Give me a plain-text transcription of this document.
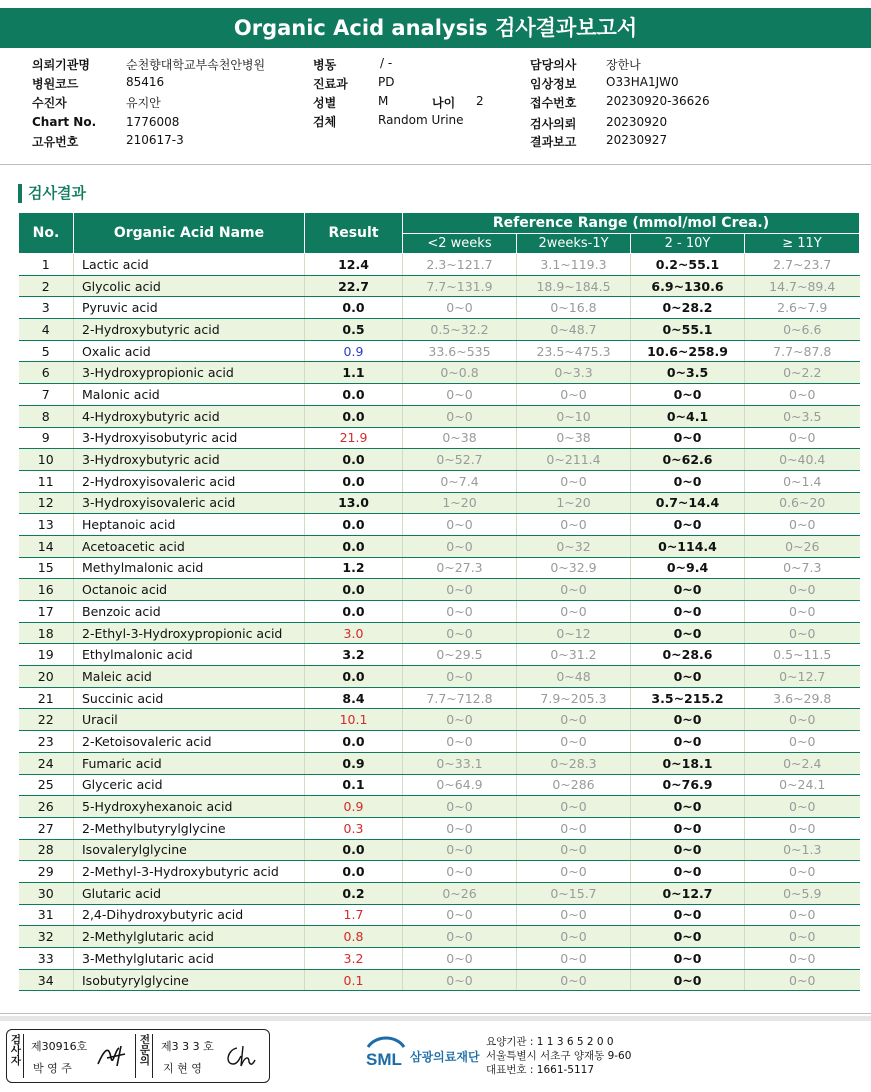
Organic Acid analysis 검사결과보고서
의뢰기관명	순천향대학교부속천안병원
병원코드	85416
수진자	유지안
Chart No. 1776008
고유번호	210617-3
병동	/ -
진료과	PD
성별	M	나이 2
검체	Random Urine
담당의사 장한나
임상정보 O33HA1JW0
접수번호 20230920-36626
검사의뢰 20230920
결과보고 20230927
검사결과
No.	Organic Acid Name	Result	Reference Range (mmol/mol Crea.)			
			<2 weeks	2weeks-1Y	2 - 10Y	≥ 11Y
1	Lactic acid	12.4	2.3~121.7	3.1~119.3	0.2~55.1	2.7~23.7
2	Glycolic acid	22.7	7.7~131.9	18.9~184.5	6.9~130.6	14.7~89.4
3	Pyruvic acid	0.0	0~0	0~16.8	0~28.2	2.6~7.9
4	2-Hydroxybutyric acid	0.5	0.5~32.2	0~48.7	0~55.1	0~6.6
5	Oxalic acid	0.9	33.6~535	23.5~475.3	10.6~258.9	7.7~87.8
6	3-Hydroxypropionic acid	1.1	0~0.8	0~3.3	0~3.5	0~2.2
7	Malonic acid	0.0	0~0	0~0	0~0	0~0
8	4-Hydroxybutyric acid	0.0	0~0	0~10	0~4.1	0~3.5
9	3-Hydroxyisobutyric acid	21.9	0~38	0~38	0~0	0~0
10	3-Hydroxybutyric acid	0.0	0~52.7	0~211.4	0~62.6	0~40.4
11	2-Hydroxyisovaleric acid	0.0	0~7.4	0~0	0~0	0~1.4
12	3-Hydroxyisovaleric acid	13.0	1~20	1~20	0.7~14.4	0.6~20
13	Heptanoic acid	0.0	0~0	0~0	0~0	0~0
14	Acetoacetic acid	0.0	0~0	0~32	0~114.4	0~26
15	Methylmalonic acid	1.2	0~27.3	0~32.9	0~9.4	0~7.3
16	Octanoic acid	0.0	0~0	0~0	0~0	0~0
17	Benzoic acid	0.0	0~0	0~0	0~0	0~0
18	2-Ethyl-3-Hydroxypropionic acid	3.0	0~0	0~12	0~0	0~0
19	Ethylmalonic acid	3.2	0~29.5	0~31.2	0~28.6	0.5~11.5
20	Maleic acid	0.0	0~0	0~48	0~0	0~12.7
21	Succinic acid	8.4	7.7~712.8	7.9~205.3	3.5~215.2	3.6~29.8
22	Uracil	10.1	0~0	0~0	0~0	0~0
23	2-Ketoisovaleric acid	0.0	0~0	0~0	0~0	0~0
24	Fumaric acid	0.9	0~33.1	0~28.3	0~18.1	0~2.4
25	Glyceric acid	0.1	0~64.9	0~286	0~76.9	0~24.1
26	5-Hydroxyhexanoic acid	0.9	0~0	0~0	0~0	0~0
27	2-Methylbutyrylglycine	0.3	0~0	0~0	0~0	0~0
28	Isovalerylglycine	0.0	0~0	0~0	0~0	0~1.3
29	2-Methyl-3-Hydroxybutyric acid	0.0	0~0	0~0	0~0	0~0
30	Glutaric acid	0.2	0~26	0~15.7	0~12.7	0~5.9
31	2,4-Dihydroxybutyric acid	1.7	0~0	0~0	0~0	0~0
32	2-Methylglutaric acid	0.8	0~0	0~0	0~0	0~0
33	3-Methylglutaric acid	3.2	0~0	0~0	0~0	0~0
34	Isobutyrylglycine	0.1	0~0	0~0	0~0	0~0
검사자 제30916호
박 영 주
전문의 제3 3 3 호
지 현 영	SML 삼광의료재단
요양기관 : 1 1 3 6 5 2 0 0
서울특별시 서초구 양재동 9-60
대표번호 : 1661-5117
